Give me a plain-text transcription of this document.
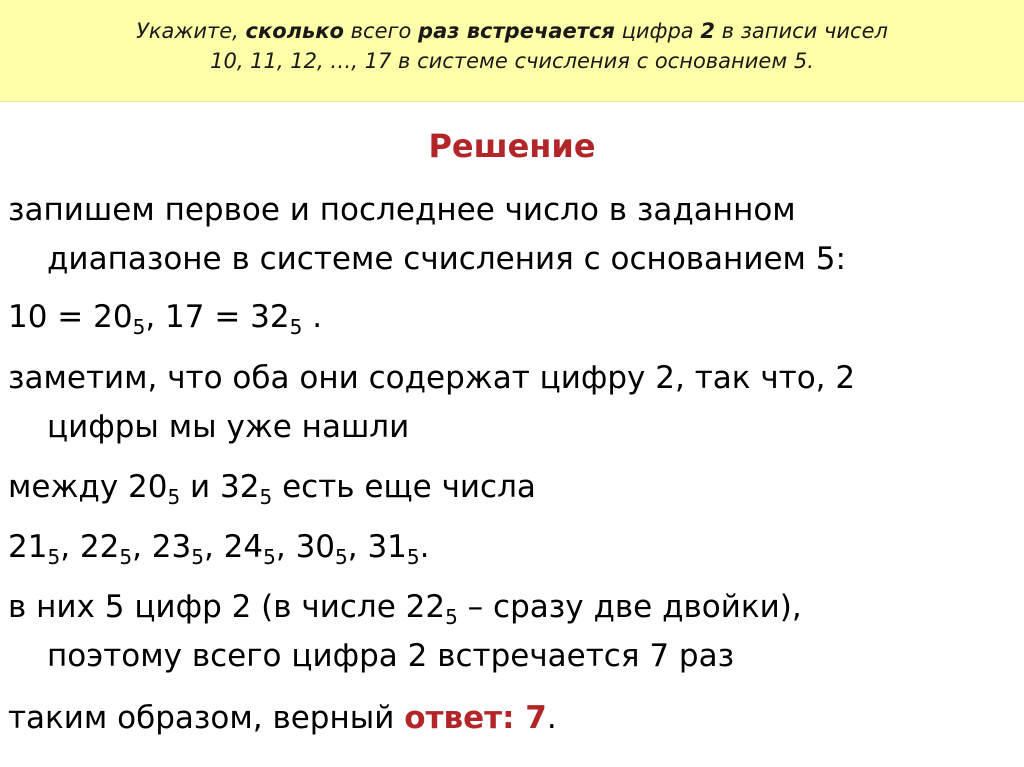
Укажите, сколько всего раз встречается цифра 2 в записи чисел
10, 11, 12, …, 17 в системе счисления с основанием 5.
Решение
запишем первое и последнее число в заданном
диапазоне в системе счисления с основанием 5:
$10 = 20_5$, $17 = 32_5$ .
заметим, что оба они содержат цифру 2, так что, 2
цифры мы уже нашли
между $20_5$ и $32_5$ есть еще числа
$21_5$, $22_5$, $23_5$, $24_5$, $30_5$, $31_5$.
в них 5 цифр 2 (в числе $22_5$ – сразу две двойки),
поэтому всего цифра 2 встречается 7 раз
таким образом, верный ответ: 7.
